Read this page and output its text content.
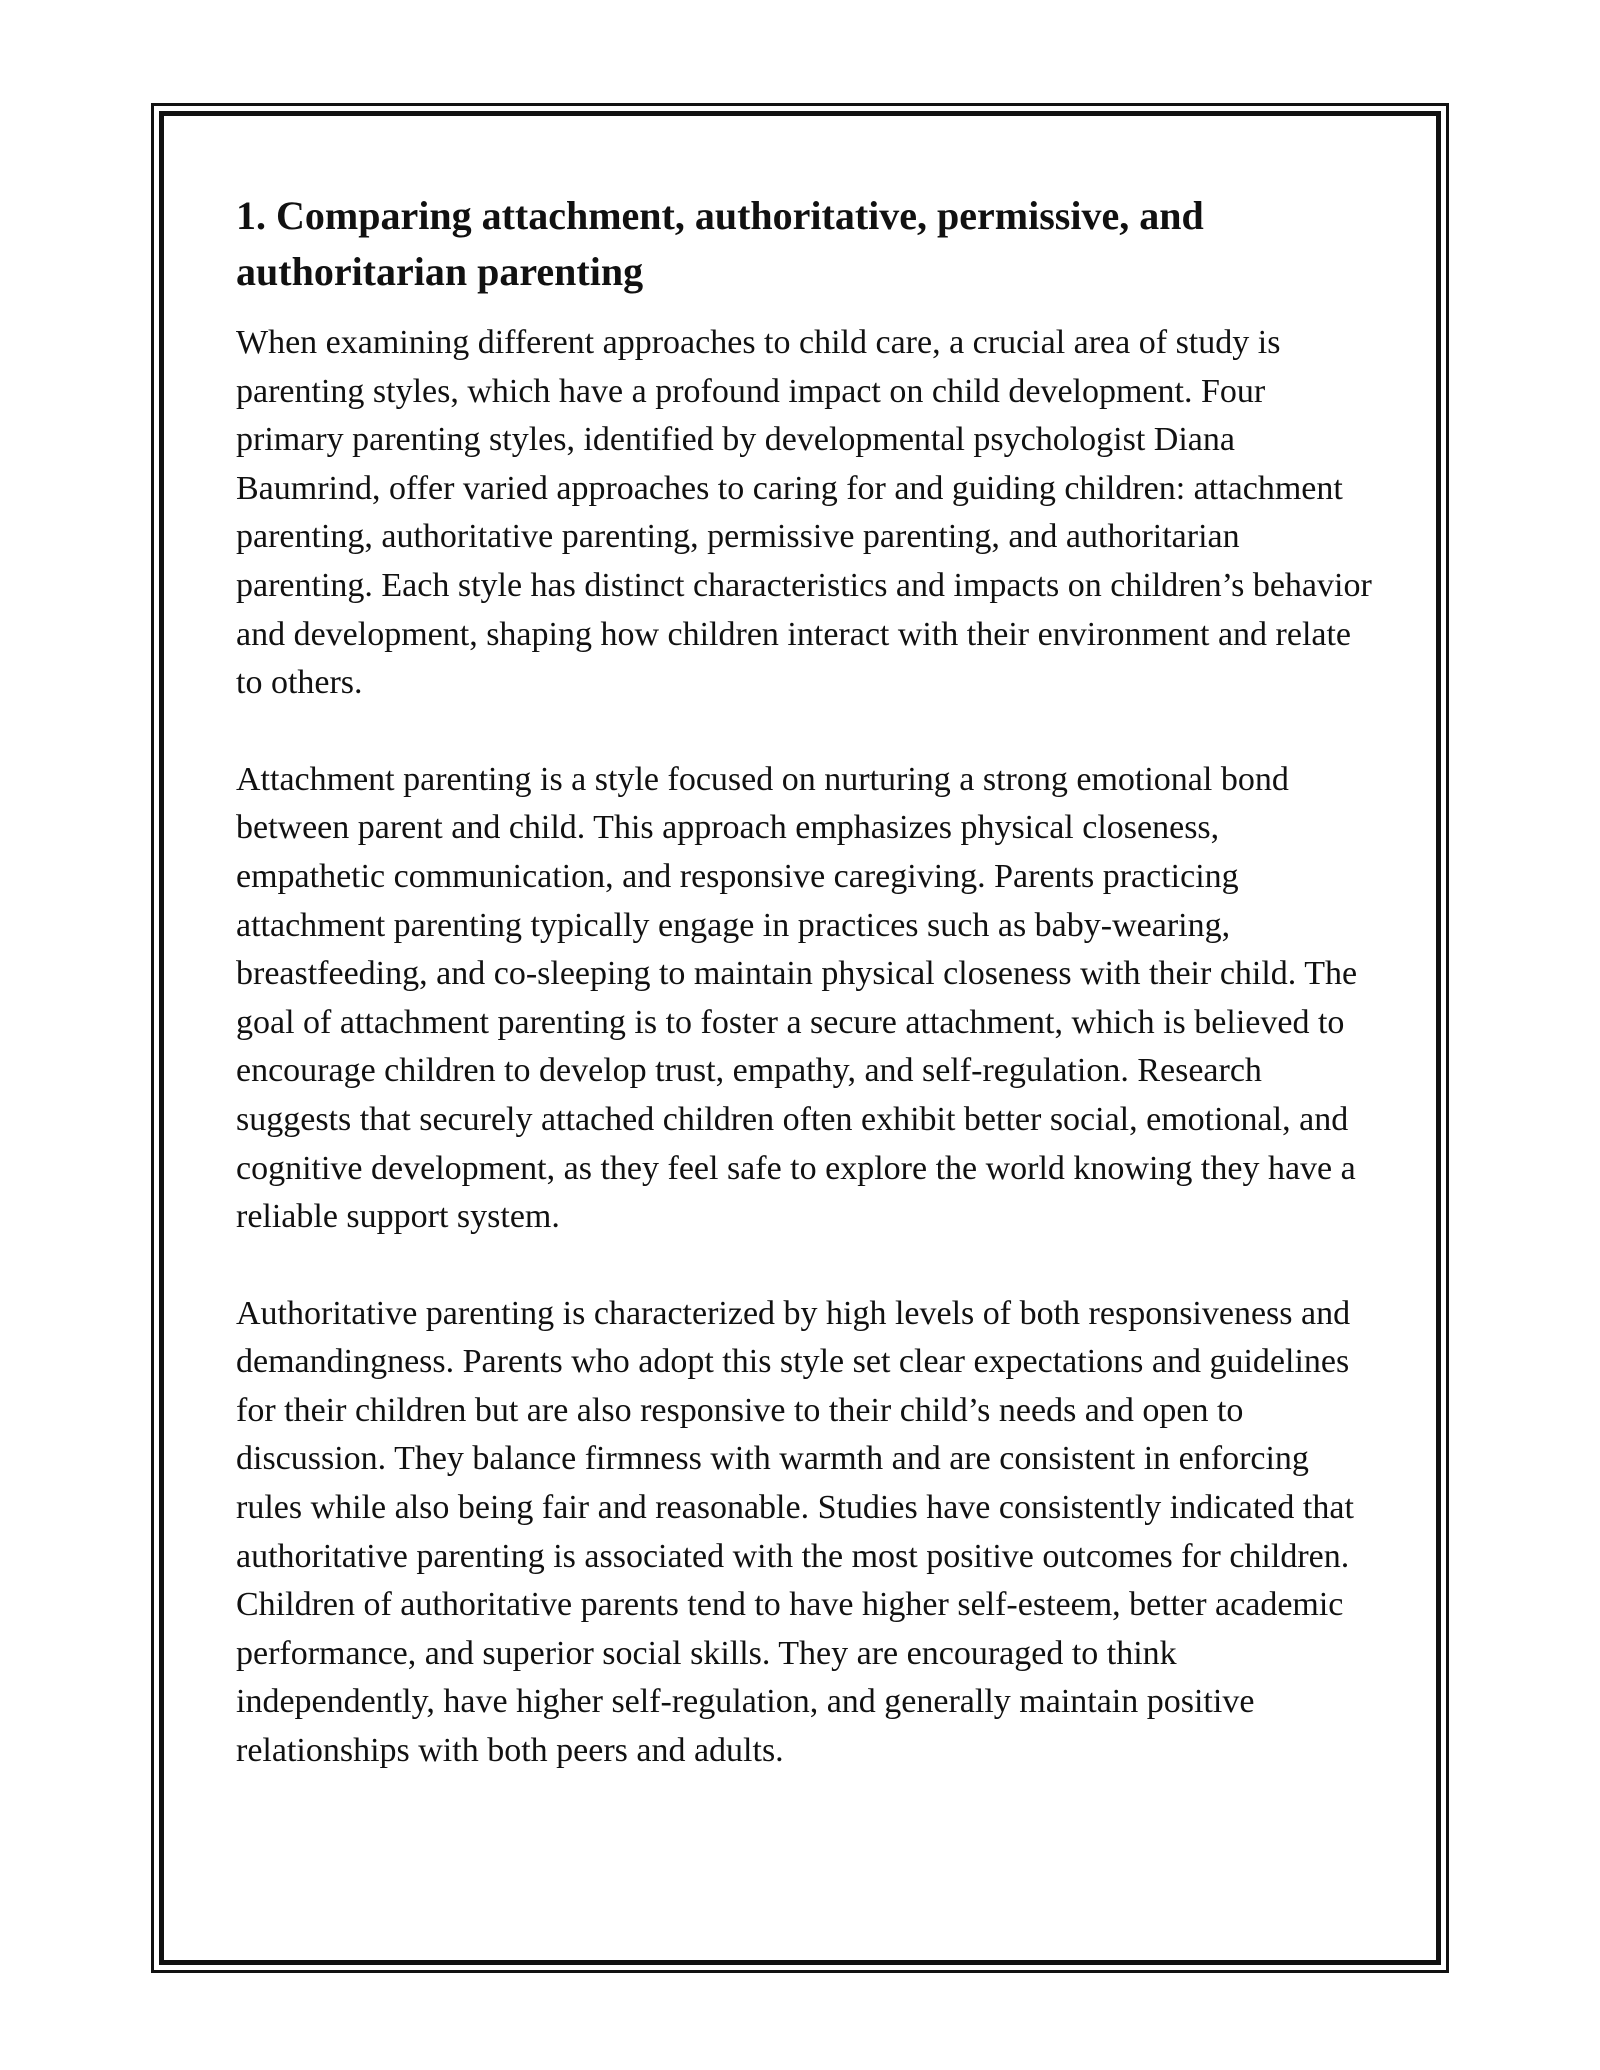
1. Comparing attachment, authoritative, permissive, and authoritarian parenting

When examining different approaches to child care, a crucial area of study is parenting styles, which have a profound impact on child development. Four primary parenting styles, identified by developmental psychologist Diana Baumrind, offer varied approaches to caring for and guiding children: attachment parenting, authoritative parenting, permissive parenting, and authoritarian parenting. Each style has distinct characteristics and impacts on children’s behavior and development, shaping how children interact with their environment and relate to others.

Attachment parenting is a style focused on nurturing a strong emotional bond between parent and child. This approach emphasizes physical closeness, empathetic communication, and responsive caregiving. Parents practicing attachment parenting typically engage in practices such as baby-wearing, breastfeeding, and co-sleeping to maintain physical closeness with their child. The goal of attachment parenting is to foster a secure attachment, which is believed to encourage children to develop trust, empathy, and self-regulation. Research suggests that securely attached children often exhibit better social, emotional, and cognitive development, as they feel safe to explore the world knowing they have a reliable support system.

Authoritative parenting is characterized by high levels of both responsiveness and demandingness. Parents who adopt this style set clear expectations and guidelines for their children but are also responsive to their child’s needs and open to discussion. They balance firmness with warmth and are consistent in enforcing rules while also being fair and reasonable. Studies have consistently indicated that authoritative parenting is associated with the most positive outcomes for children. Children of authoritative parents tend to have higher self-esteem, better academic performance, and superior social skills. They are encouraged to think independently, have higher self-regulation, and generally maintain positive relationships with both peers and adults.
